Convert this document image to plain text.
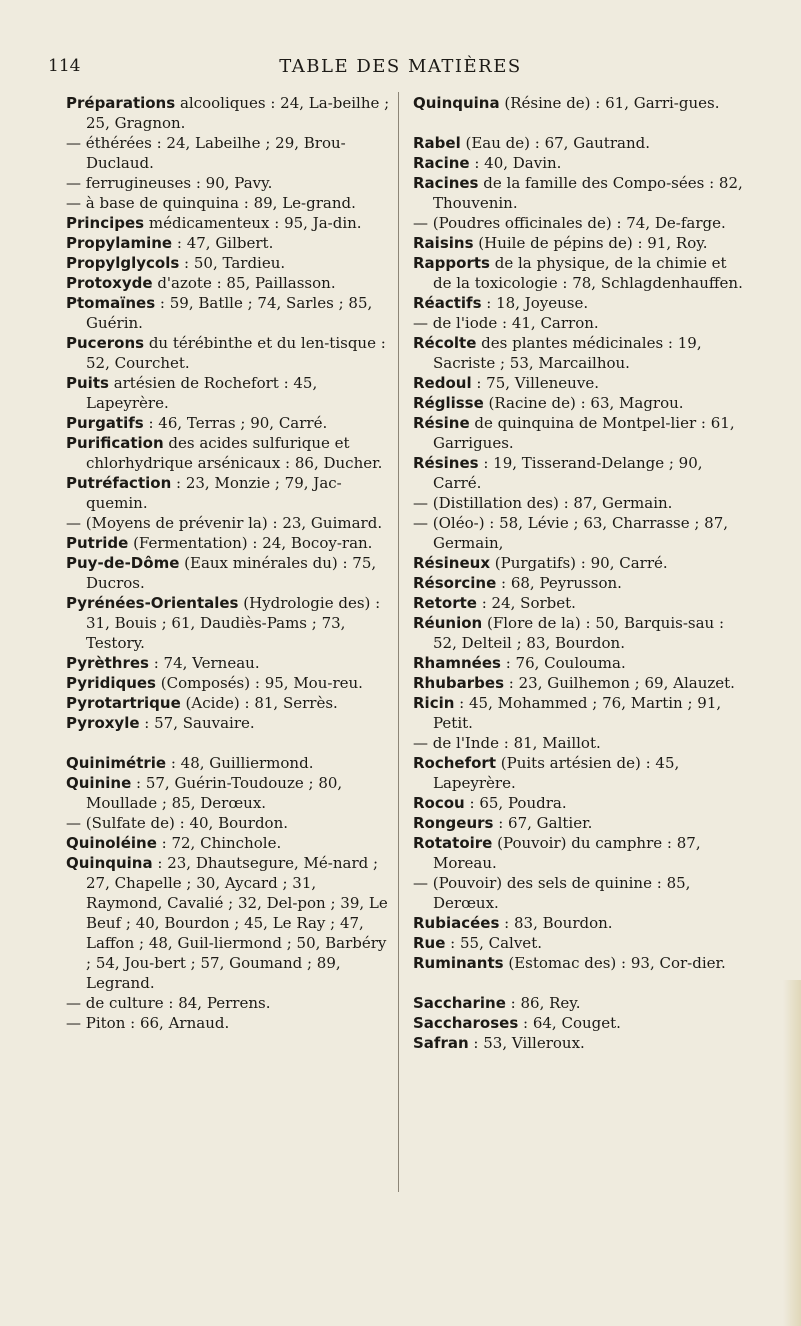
114	TABLE DES MATIÈRES

Préparations alcooliques : 24, La-beilhe ; 25, Gragnon.

— éthérées : 24, Labeilhe ; 29, Brou-Duclaud.

— ferrugineuses : 90, Pavy.

— à base de quinquina : 89, Le-grand.

Principes médicamenteux : 95, Ja-din.

Propylamine : 47, Gilbert.

Propylglycols : 50, Tardieu.

Protoxyde d'azote : 85, Paillasson.

Ptomaïnes : 59, Batlle ; 74, Sarles ; 85, Guérin.

Pucerons du térébinthe et du len-tisque : 52, Courchet.

Puits artésien de Rochefort : 45, Lapeyrère.

Purgatifs : 46, Terras ; 90, Carré.

Purification des acides sulfurique et chlorhydrique arsénicaux : 86, Ducher.

Putréfaction : 23, Monzie ; 79, Jac-quemin.

— (Moyens de prévenir la) : 23, Guimard.

Putride (Fermentation) : 24, Bocoy-ran.

Puy-de-Dôme (Eaux minérales du) : 75, Ducros.

Pyrénées-Orientales (Hydrologie des) : 31, Bouis ; 61, Daudiès-Pams ; 73, Testory.

Pyrèthres : 74, Verneau.

Pyridiques (Composés) : 95, Mou-reu.

Pyrotartrique (Acide) : 81, Serrès.

Pyroxyle : 57, Sauvaire.

Quinimétrie : 48, Guilliermond.

Quinine : 57, Guérin-Toudouze ; 80, Moullade ; 85, Derœux.

— (Sulfate de) : 40, Bourdon.

Quinoléine : 72, Chinchole.

Quinquina : 23, Dhautsegure, Mé-nard ; 27, Chapelle ; 30, Aycard ; 31, Raymond, Cavalié ; 32, Del-pon ; 39, Le Beuf ; 40, Bourdon ; 45, Le Ray ; 47, Laffon ; 48, Guil-liermond ; 50, Barbéry ; 54, Jou-bert ; 57, Goumand ; 89, Legrand.

— de culture : 84, Perrens.

— Piton : 66, Arnaud.

Quinquina (Résine de) : 61, Garri-gues.

Rabel (Eau de) : 67, Gautrand.

Racine : 40, Davin.

Racines de la famille des Compo-sées : 82, Thouvenin.

— (Poudres officinales de) : 74, De-farge.

Raisins (Huile de pépins de) : 91, Roy.

Rapports de la physique, de la chimie et de la toxicologie : 78, Schlagdenhauffen.

Réactifs : 18, Joyeuse.

— de l'iode : 41, Carron.

Récolte des plantes médicinales : 19, Sacriste ; 53, Marcailhou.

Redoul : 75, Villeneuve.

Réglisse (Racine de) : 63, Magrou.

Résine de quinquina de Montpel-lier : 61, Garrigues.

Résines : 19, Tisserand-Delange ; 90, Carré.

— (Distillation des) : 87, Germain.

— (Oléo-) : 58, Lévie ; 63, Charrasse ; 87, Germain,

Résineux (Purgatifs) : 90, Carré.

Résorcine : 68, Peyrusson.

Retorte : 24, Sorbet.

Réunion (Flore de la) : 50, Barquis-sau : 52, Delteil ; 83, Bourdon.

Rhamnées : 76, Coulouma.

Rhubarbes : 23, Guilhemon ; 69, Alauzet.

Ricin : 45, Mohammed ; 76, Martin ; 91, Petit.

— de l'Inde : 81, Maillot.

Rochefort (Puits artésien de) : 45, Lapeyrère.

Rocou : 65, Poudra.

Rongeurs : 67, Galtier.

Rotatoire (Pouvoir) du camphre : 87, Moreau.

— (Pouvoir) des sels de quinine : 85, Derœux.

Rubiacées : 83, Bourdon.

Rue : 55, Calvet.

Ruminants (Estomac des) : 93, Cor-dier.

Saccharine : 86, Rey.

Saccharoses : 64, Couget.

Safran : 53, Villeroux.
